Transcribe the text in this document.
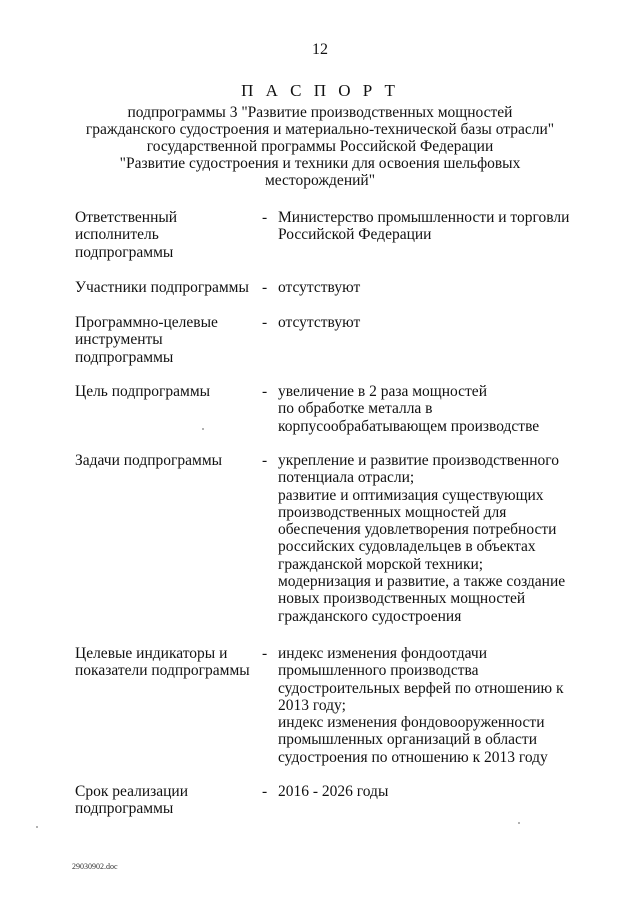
12
П А С П О Р Т
подпрограммы 3 "Развитие производственных мощностей
гражданского судостроения и материально-технической базы отрасли"
государственной программы Российской Федерации
"Развитие судостроения и техники для освоения шельфовых
месторождений"
Ответственный
исполнитель
подпрограммы
- Министерство промышленности и торговли
Российской Федерации
Участники подпрограммы - отсутствуют
Программно-целевые
инструменты
подпрограммы
- отсутствуют
Цель подпрограммы	- увеличение в 2 раза мощностей
по обработке металла в
корпусообрабатывающем производстве
Задачи подпрограммы	- укрепление и развитие производственного
потенциала отрасли;
развитие и оптимизация существующих
производственных мощностей для
обеспечения удовлетворения потребности
российских судовладельцев в объектах
гражданской морской техники;
модернизация и развитие, а также создание
новых производственных мощностей
гражданского судостроения
Целевые индикаторы и
показатели подпрограммы
- индекс изменения фондоотдачи
промышленного производства
судостроительных верфей по отношению к
2013 году;
индекс изменения фондовооруженности
промышленных организаций в области
судостроения по отношению к 2013 году
Срок реализации
подпрограммы
- 2016 - 2026 годы
29030902.doc
